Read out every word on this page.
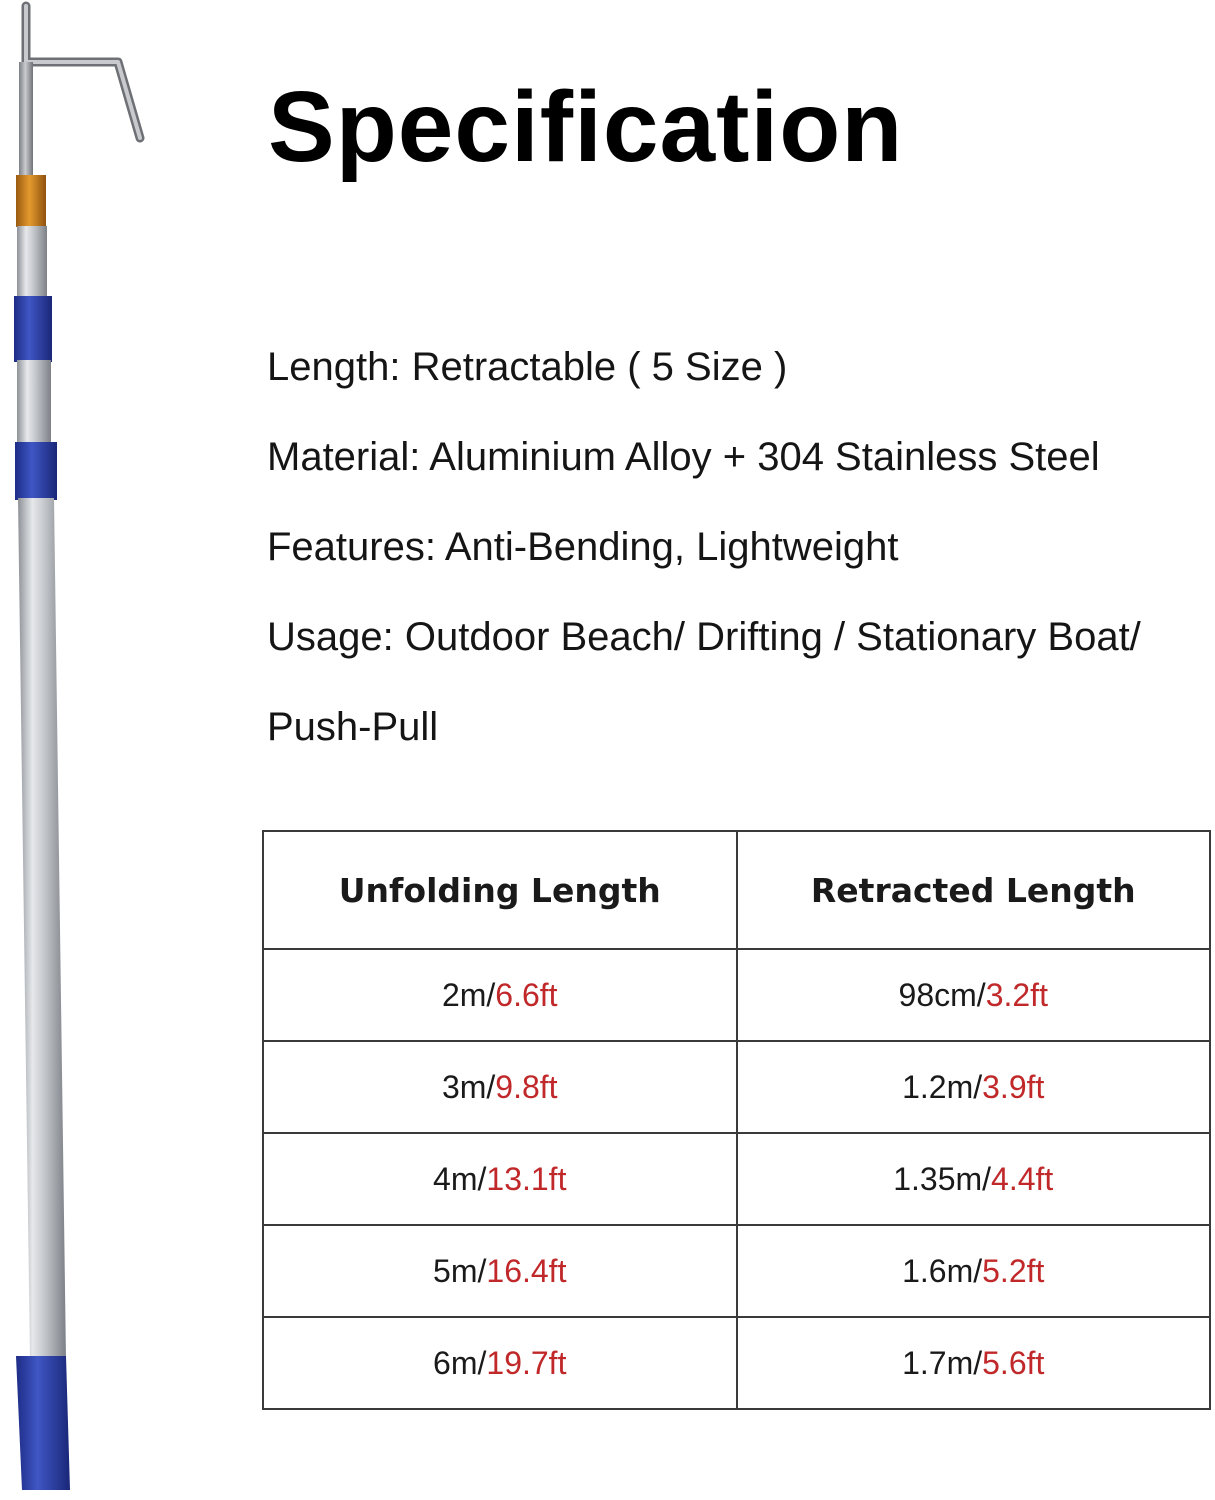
Specification
Length: Retractable ( 5 Size )
Material: Aluminium Alloy + 304 Stainless Steel
Features: Anti-Bending, Lightweight
Usage: Outdoor Beach/ Drifting / Stationary Boat/
Push-Pull
Unfolding Length	Retracted Length
2m/6.6ft	98cm/3.2ft
3m/9.8ft	1.2m/3.9ft
4m/13.1ft	1.35m/4.4ft
5m/16.4ft	1.6m/5.2ft
6m/19.7ft	1.7m/5.6ft
